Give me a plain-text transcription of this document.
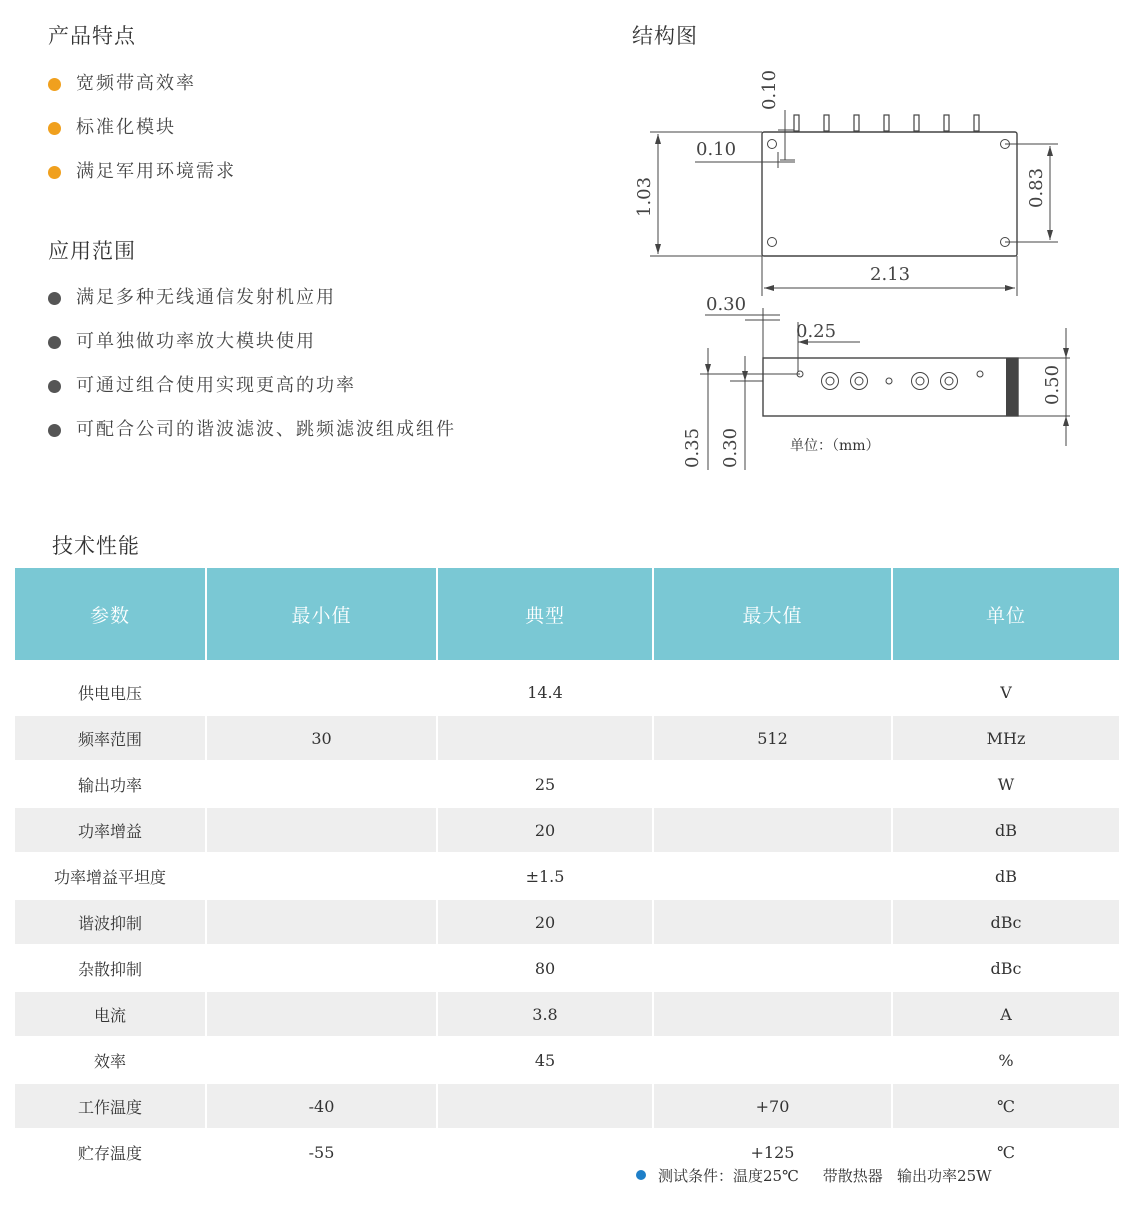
产品特点
宽频带高效率
标准化模块
满足军用环境需求
应用范围
满足多种无线通信发射机应用
可单独做功率放大模块使用
可通过组合使用实现更高的功率
可配合公司的谐波滤波、跳频滤波组成组件
结构图
0.10
0.10
1.03	0.83
2.13
0.30
0.25
0.50
0.35 0.30	单位：（mm）
技术性能
参数	最小值	典型	最大值	单位

供电电压		14.4		V
频率范围	30		512	MHz
输出功率		25		W
功率增益		20		dB
功率增益平坦度		±1.5		dB
谐波抑制		20		dBc
杂散抑制		80		dBc
电流		3.8		A
效率		45		%
工作温度	-40		+70	℃
贮存温度	-55		+125	℃
测试条件：温度25℃ 带散热器 输出功率25W
